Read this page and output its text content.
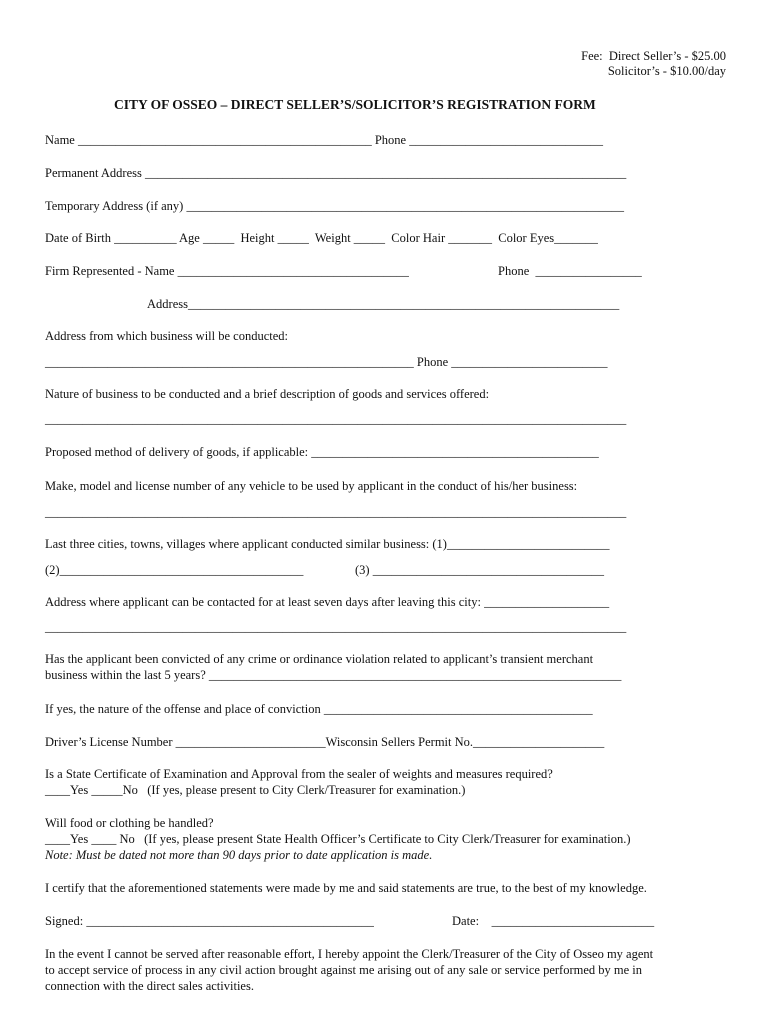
Fee:  Direct Seller’s - $25.00
Solicitor’s - $10.00/day
CITY OF OSSEO – DIRECT SELLER’S/SOLICITOR’S REGISTRATION FORM
Name _______________________________________________ Phone _______________________________
Permanent Address _____________________________________________________________________________
Temporary Address (if any) ______________________________________________________________________
Date of Birth __________ Age _____  Height _____  Weight _____  Color Hair _______  Color Eyes_______
Firm Represented - Name _____________________________________	Phone  _________________
Address_____________________________________________________________________
Address from which business will be conducted:
___________________________________________________________ Phone _________________________
Nature of business to be conducted and a brief description of goods and services offered:
_____________________________________________________________________________________________
Proposed method of delivery of goods, if applicable: ______________________________________________
Make, model and license number of any vehicle to be used by applicant in the conduct of his/her business:
_____________________________________________________________________________________________
Last three cities, towns, villages where applicant conducted similar business: (1)__________________________
(2)_______________________________________	(3) _____________________________________
Address where applicant can be contacted for at least seven days after leaving this city: ____________________
_____________________________________________________________________________________________
Has the applicant been convicted of any crime or ordinance violation related to applicant’s transient merchant
business within the last 5 years? __________________________________________________________________
If yes, the nature of the offense and place of conviction ___________________________________________
Driver’s License Number ________________________Wisconsin Sellers Permit No._____________________
Is a State Certificate of Examination and Approval from the sealer of weights and measures required?
____Yes _____No   (If yes, please present to City Clerk/Treasurer for examination.)
Will food or clothing be handled?
____Yes ____ No   (If yes, please present State Health Officer’s Certificate to City Clerk/Treasurer for examination.)
Note: Must be dated not more than 90 days prior to date application is made.
I certify that the aforementioned statements were made by me and said statements are true, to the best of my knowledge.
Signed: ______________________________________________	Date:    __________________________
In the event I cannot be served after reasonable effort, I hereby appoint the Clerk/Treasurer of the City of Osseo my agent
to accept service of process in any civil action brought against me arising out of any sale or service performed by me in
connection with the direct sales activities.
